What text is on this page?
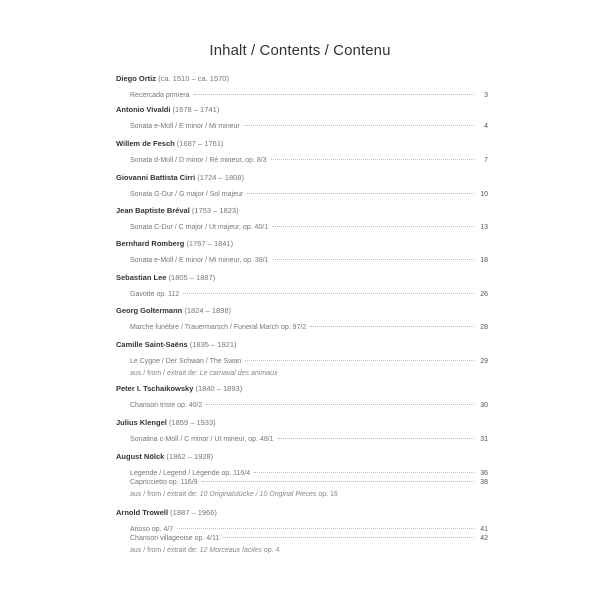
Inhalt / Contents / Contenu
Diego Ortiz (ca. 1510 – ca. 1570)
Recercada primera	3
Antonio Vivaldi (1678 – 1741)
Sonata e-Moll / E minor / Mi mineur	4
Willem de Fesch (1687 – 1761)
Sonata d-Moll / D minor / Ré mineur, op. 8/3	7
Giovanni Battista Cirri (1724 – 1808)
Sonata G-Dur / G major / Sol majeur	10
Jean Baptiste Bréval (1753 – 1823)
Sonata C-Dur / C major / Ut majeur, op. 40/1	13
Bernhard Romberg (1767 – 1841)
Sonata e-Moll / E minor / Mi mineur, op. 38/1	18
Sebastian Lee (1805 – 1887)
Gavotte op. 112	26
Georg Goltermann (1824 – 1898)
Marche funèbre / Trauermarsch / Funeral March op. 97/2	28
Camille Saint-Saëns (1835 – 1921)
Le Cygne / Der Schwan / The Swan	29
aus / from / extrait de: Le carnaval des animaux
Peter I. Tschaikowsky (1840 – 1893)
Chanson triste op. 40/2	30
Julius Klengel (1859 – 1933)
Sonatina c-Moll / C minor / Ut mineur, op. 48/1	31
August Nölck (1862 – 1928)
Legende / Legend / Légende op. 116/4	36
Capriccietto op. 116/9	38
aus / from / extrait de: 10 Originalstücke / 10 Original Pieces op. 16
Arnold Trowell (1887 – 1966)
Arioso op. 4/7	41
Chanson villageoise op. 4/11	42
aus / from / extrait de: 12 Morceaux faciles op. 4
